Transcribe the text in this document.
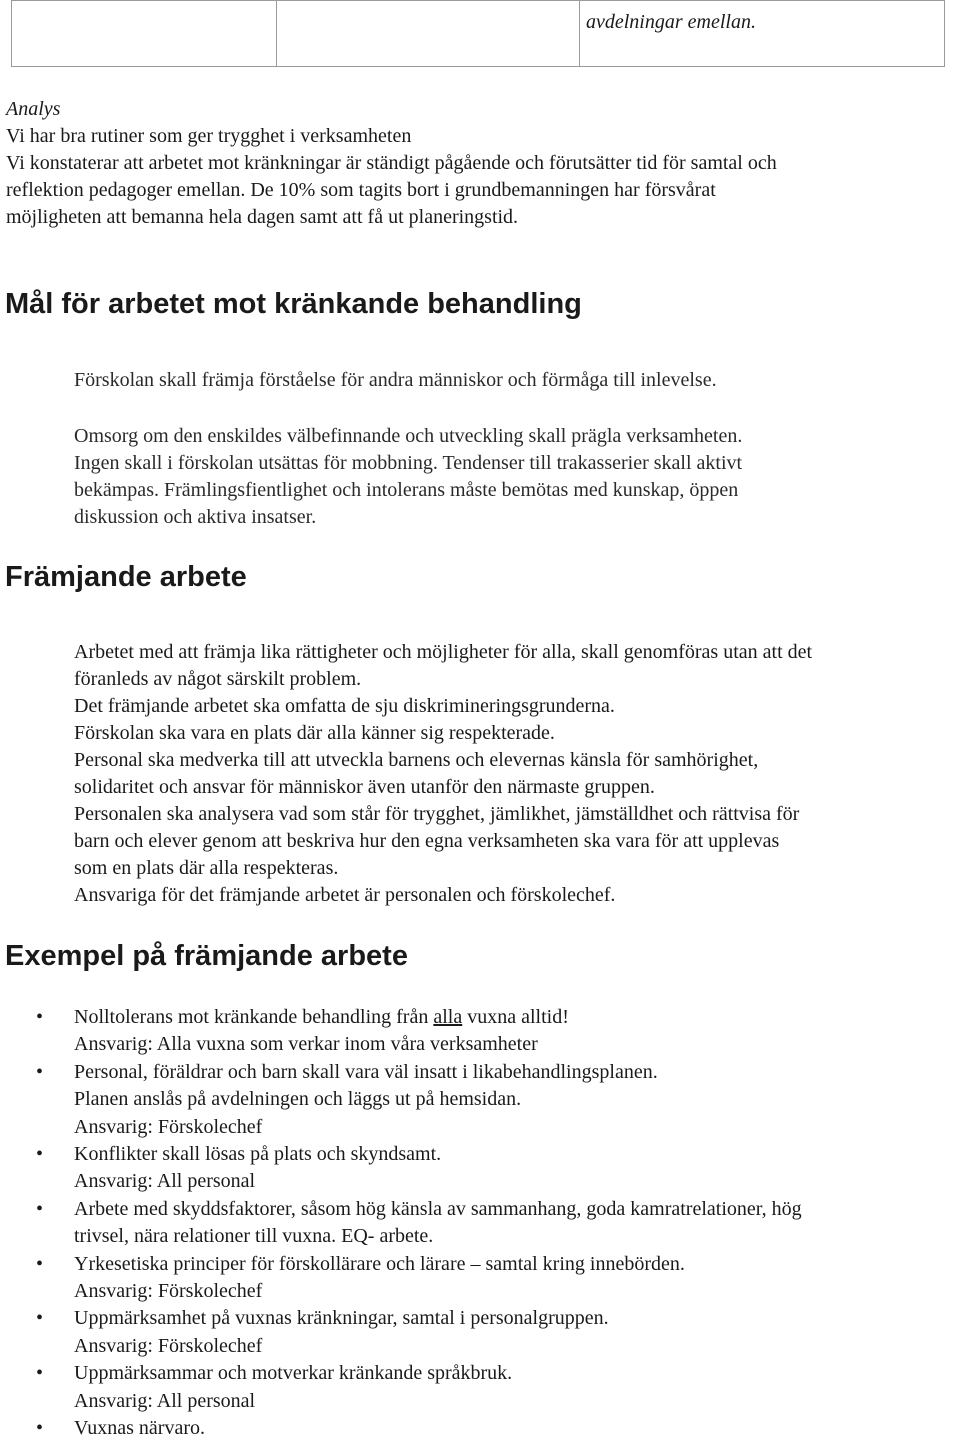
		avdelningar emellan.
Analys
Vi har bra rutiner som ger trygghet i verksamheten
Vi konstaterar att arbetet mot kränkningar är ständigt pågående och förutsätter tid för samtal och
reflektion pedagoger emellan. De 10% som tagits bort i grundbemanningen har försvårat
möjligheten att bemanna hela dagen samt att få ut planeringstid.
Mål för arbetet mot kränkande behandling

Förskolan skall främja förståelse för andra människor och förmåga till inlevelse.

Omsorg om den enskildes välbefinnande och utveckling skall prägla verksamheten.

Ingen skall i förskolan utsättas för mobbning. Tendenser till trakasserier skall aktivt

bekämpas. Främlingsfientlighet och intolerans måste bemötas med kunskap, öppen

diskussion och aktiva insatser.

Främjande arbete

Arbetet med att främja lika rättigheter och möjligheter för alla, skall genomföras utan att det

föranleds av något särskilt problem.

Det främjande arbetet ska omfatta de sju diskrimineringsgrunderna.

Förskolan ska vara en plats där alla känner sig respekterade.

Personal ska medverka till att utveckla barnens och elevernas känsla för samhörighet,

solidaritet och ansvar för människor även utanför den närmaste gruppen.

Personalen ska analysera vad som står för trygghet, jämlikhet, jämställdhet och rättvisa för

barn och elever genom att beskriva hur den egna verksamheten ska vara för att upplevas

som en plats där alla respekteras.

Ansvariga för det främjande arbetet är personalen och förskolechef.

Exempel på främjande arbete
• Nolltolerans mot kränkande behandling från alla vuxna alltid!
Ansvarig: Alla vuxna som verkar inom våra verksamheter
• Personal, föräldrar och barn skall vara väl insatt i likabehandlingsplanen.
Planen anslås på avdelningen och läggs ut på hemsidan.
Ansvarig: Förskolechef
• Konflikter skall lösas på plats och skyndsamt.
Ansvarig: All personal
• Arbete med skyddsfaktorer, såsom hög känsla av sammanhang, goda kamratrelationer, hög
trivsel, nära relationer till vuxna. EQ- arbete.
• Yrkesetiska principer för förskollärare och lärare – samtal kring innebörden.
Ansvarig: Förskolechef
• Uppmärksamhet på vuxnas kränkningar, samtal i personalgruppen.
Ansvarig: Förskolechef
• Uppmärksammar och motverkar kränkande språkbruk.
Ansvarig: All personal
• Vuxnas närvaro.
